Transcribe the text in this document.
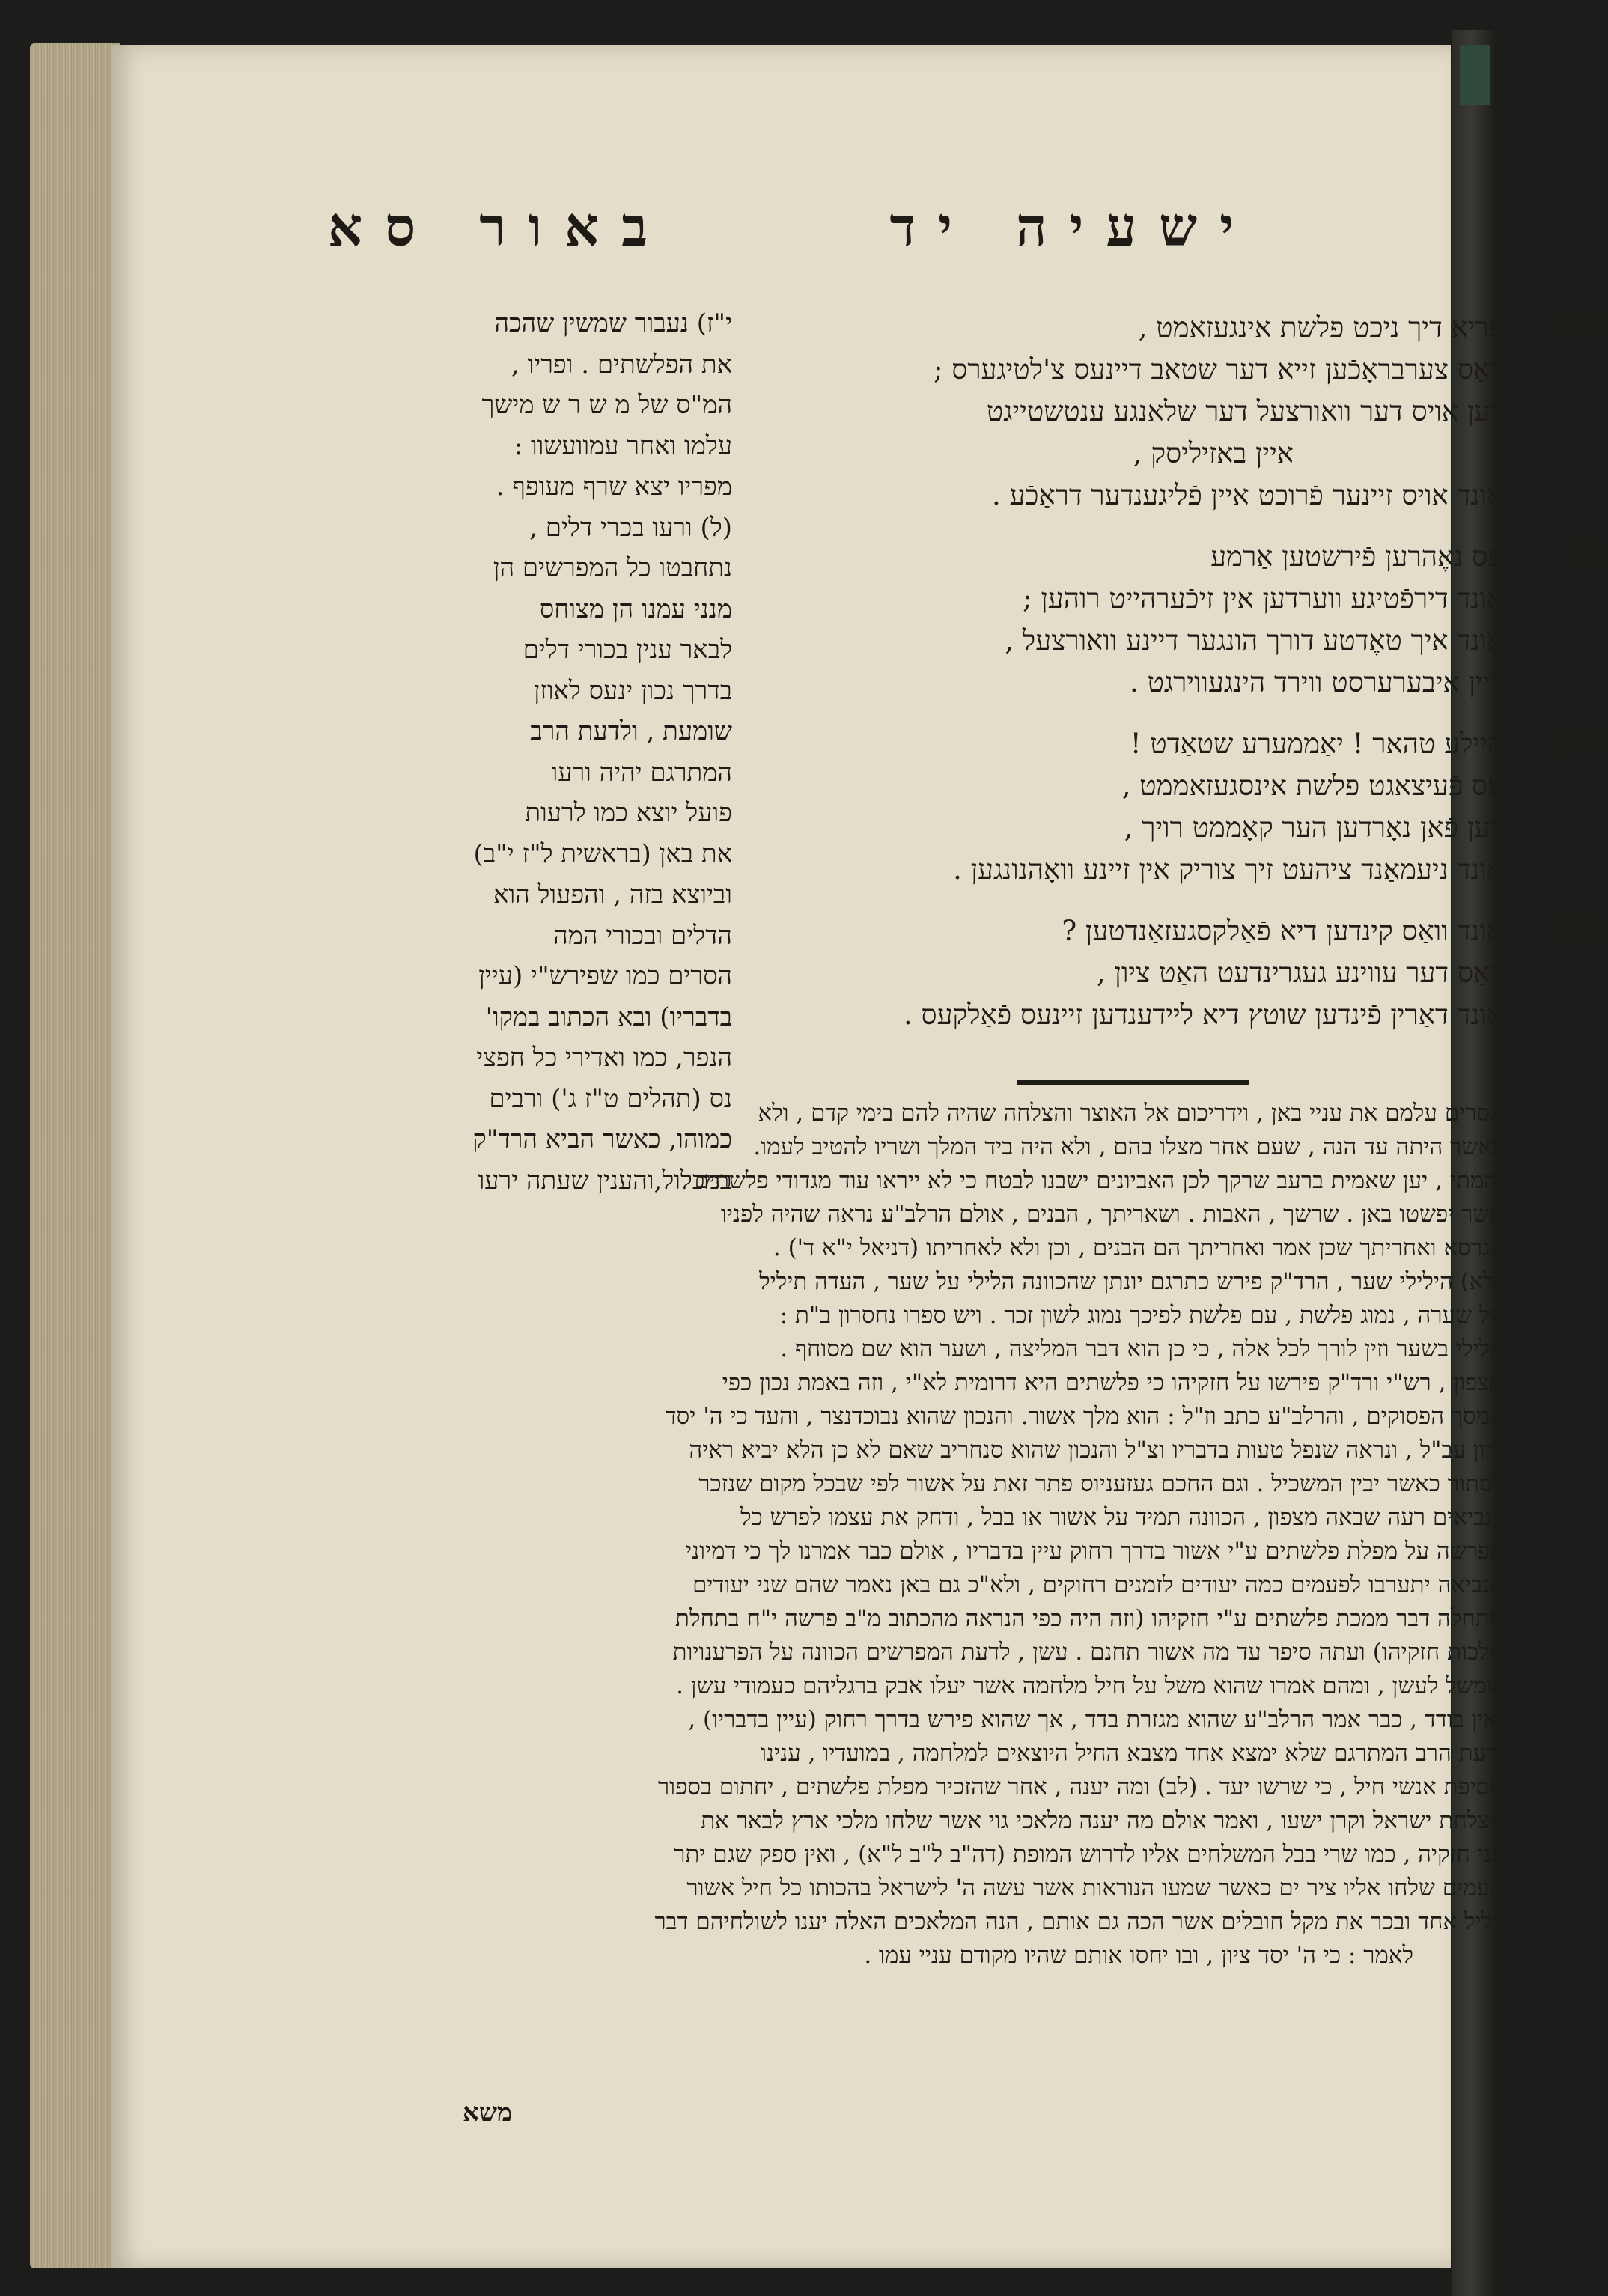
ישעיה יד
באור סא
(כט)
פֿריא דיך ניכט פלשת אינגעזאמט ,
דאַס צערבראָכֿען זייא דער שטאב דיינעס צ'לטיגערס ;
דען אויס דער וואורצעל דער שלאנגע ענטשטייגט
איין באזיליסק ,
אונד אויס זיינער פֿרוכט איין פֿליגענדער דראַכֿע .
(ל)
עס נאֶהרען פֿירשטען אַרמע
אונד דירפֿטיגע ווערדען אין זיכֿערהייט רוהען ;
אונד איך טאֶדטע דורך הונגער דיינע וואורצעל ,
דיין איבערערסט ווירד הינגעווירגט .
(לא)
היילע טהאר ! יאַממערע שטאַדט !
עס פֿעיצאגט פלשת אינסגעזאממט ,
דען פֿאן נאָרדען הער קאָממט רויך ,
אונד ניעמאַנד ציהעט זיך צוריק אין זיינע וואָהנונגען .
(לב)
אונד וואַס קינדען דיא פֿאַלקסגעזאַנדטען ?
דאַס דער עווינע געגרינדעט האַט ציון ,
אונד דאַרין פֿינדען שוטץ דיא ליידענדען זיינעס פֿאַלקעס .
י"ז) נעבור שמשין שהכה
את הפלשתים . ופריו ,
המ"ס של מ ש ר ש מישך
עלמו ואחר עמוועשוו :
מפריו יצא שרף מעופף .
(ל) ורעו בכרי דלים ,
נתחבטו כל המפרשים הן
מנני עמנו הן מצוחס
לבאר ענין בכורי דלים
בדרך נכון ינעס לאוזן
שומעת , ולדעת הרב
המתרגם יהיה ורעו
פועל יוצא כמו לרעות
את באן (בראשית ל"ז י"ב)
וביוצא בזה , והפעול הוא
הדלים ובכורי המה
הסרים כמו שפירש"י (עיין
בדבריו) ובא הכתוב במקו'
הנפר, כמו ואדירי כל חפצי
נס (תהלים ט"ז ג') ורבים
כמוהו, כאשר הביא הרד"ק
במכלול,והענין שעתה ירעו
הסרים עלמם את עניי באן , וידריכום אל האוצר והצלחה שהיה להם בימי קדם , ולא
כאשר היתה עד הנה , שעם אחר מצלו בהם , ולא היה ביד המלך ושריו להטיב לעמו.
והמתי , יען שאמית ברעב שרקך לכן האביונים ישבנו לבטח כי לא ייראו עוד מגדודי פלשתים
אשר יפשטו באן . שרשך , האבות . ושאריתך , הבנים , אולם הרלב"ע נראה שהיה לפניו
הגרסא ואחריתך שכן אמר ואחריתך הם הבנים , וכן ולא לאחריתו (דניאל י"א ד') .
(לא) הילילי שער , הרד"ק פירש כתרגם יונתן שהכוונה הלילי על שער , העדה תיליל
על שערה , נמוג פלשת , עם פלשת לפיכך נמוג לשון זכר . ויש ספרו נחסרון ב"ת :
הלילי בשער וזין לורך לכל אלה , כי כן הוא דבר המליצה , ושער הוא שם מסוחף .
מצפון , רש"י ורד"ק פירשו על חזקיהו כי פלשתים היא דרומית לא"י , וזה באמת נכון כפי
המסך הפסוקים , והרלב"ע כתב וז"ל : הוא מלך אשור. והנכון שהוא נבוכדנצר , והעד כי ה' יסד
ציון עב"ל , ונראה שנפל טעות בדבריו וצ"ל והנכון שהוא סנחריב שאם לא כן הלא יביא ראיה
לסתור כאשר יבין המשכיל . וגם החכם געזעניוס פתר זאת על אשור לפי שבכל מקום שנזכר
בנביאים רעה שבאה מצפון , הכוונה תמיד על אשור או בבל , ודחק את עצמו לפרש כל
הפרשה על מפלת פלשתים ע"י אשור בדרך רחוק עיין בדבריו , אולם כבר אמרנו לך כי דמיוני
הנביאה יתערבו לפעמים כמה יעודים לזמנים רחוקים , ולא"כ גם באן נאמר שהם שני יעודים
מתחלה דבר ממכת פלשתים ע"י חזקיהו (וזה היה כפי הנראה מהכתוב מ"ב פרשה י"ח בתחלת
מלכות חזקיהו) ועתה סיפר עד מה אשור תחנם . עשן , לדעת המפרשים הכוונה על הפרענויות
שמשל לעשן , ומהם אמרו שהוא משל על חיל מלחמה אשר יעלו אבק ברגליהם כעמודי עשן .
ואין בודד , כבר אמר הרלב"ע שהוא מגזרת בדד , אך שהוא פירש בדרך רחוק (עיין בדבריו) ,
ודעת הרב המתרגם שלא ימצא אחד מצבא החיל היוצאים למלחמה , במועדיו , ענינו
אסיפת אנשי חיל , כי שרשו יעד . (לב) ומה יענה , אחר שהזכיר מפלת פלשתים , יחתום בספור
הצלחת ישראל וקרן ישעו , ואמר אולם מה יענה מלאכי גוי אשר שלחו מלכי ארץ לבאר את
פני חזקיה , כמו שרי בבל המשלחים אליו לדרוש המופת (דה"ב ל"ב ל"א) , ואין ספק שגם יתר
העמים שלחו אליו ציר ים כאשר שמעו הנוראות אשר עשה ה' לישראל בהכותו כל חיל אשור
בליל אחד ובכר את מקל חובלים אשר הכה גם אותם , הנה המלאכים האלה יענו לשולחיהם דבר
לאמר : כי ה' יסד ציון , ובו יחסו אותם שהיו מקודם עניי עמו .
משא
